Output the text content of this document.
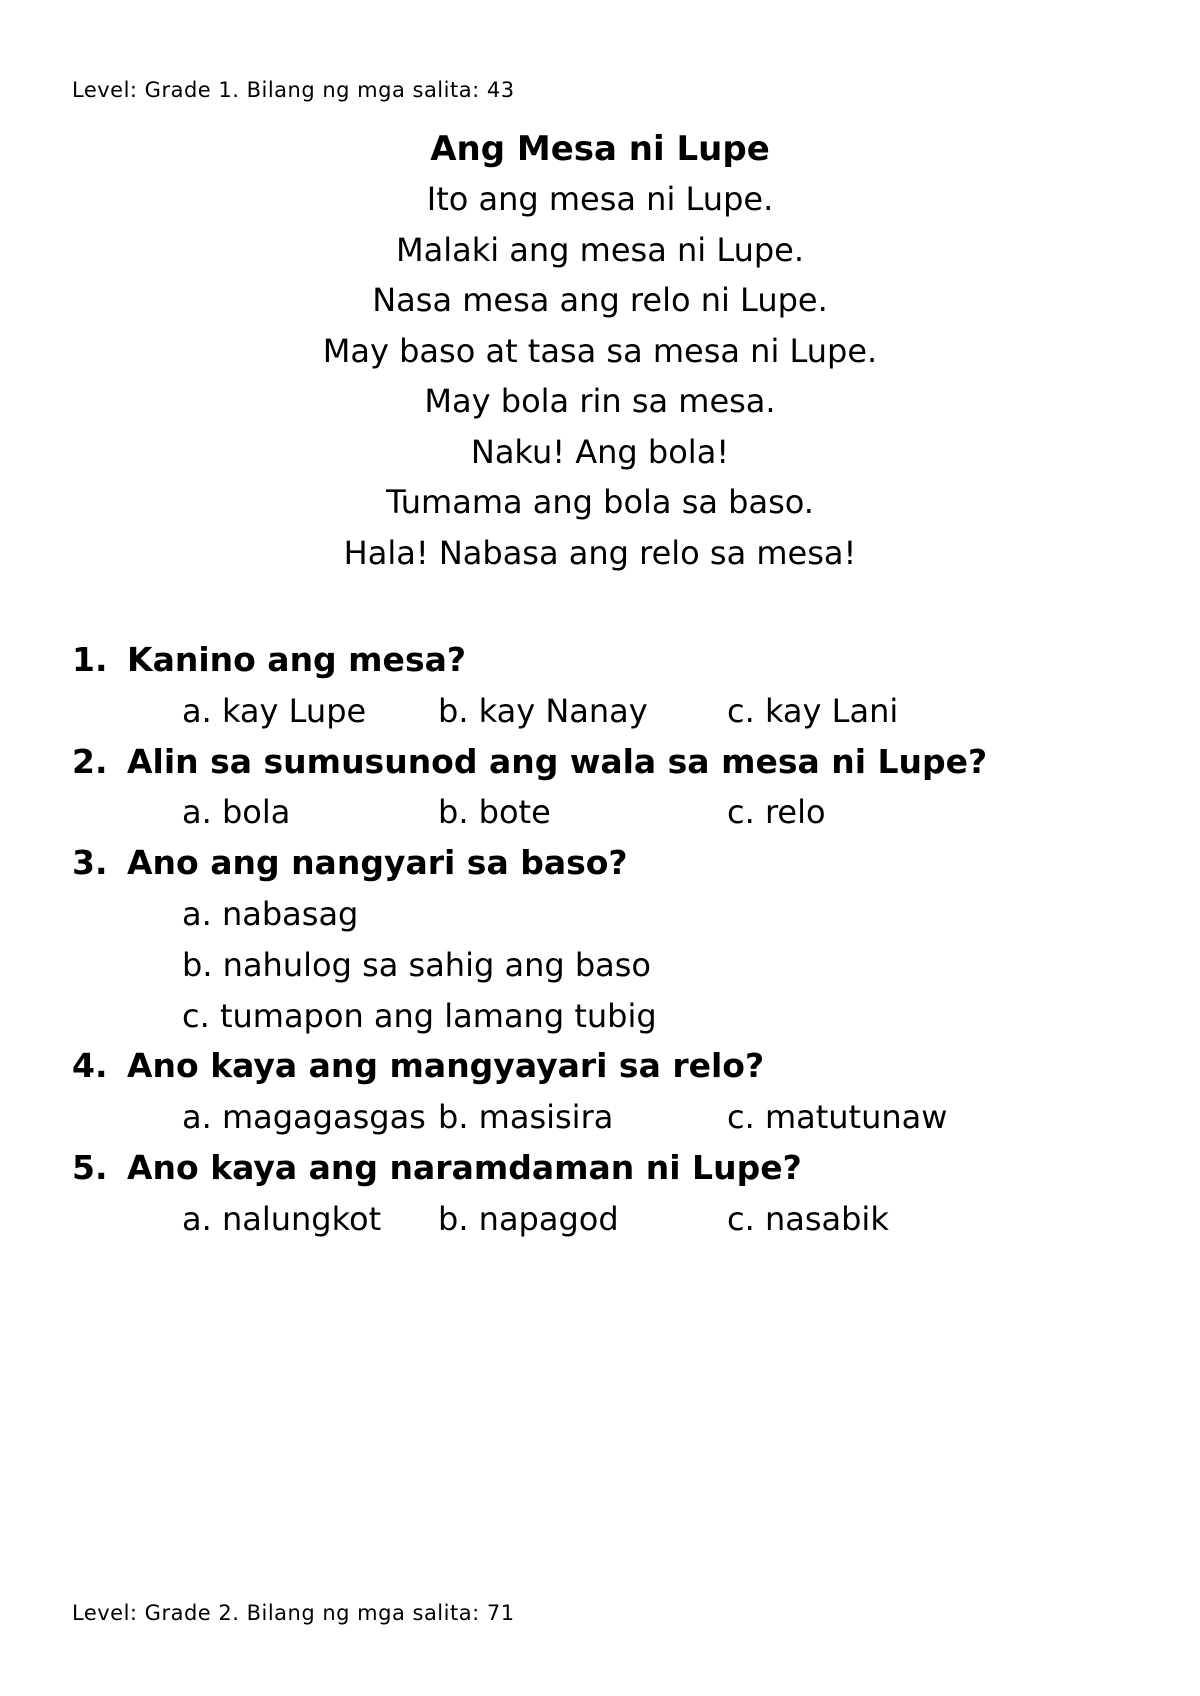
Level: Grade 1. Bilang ng mga salita: 43
Ang Mesa ni Lupe
Ito ang mesa ni Lupe.
Malaki ang mesa ni Lupe.
Nasa mesa ang relo ni Lupe.
May baso at tasa sa mesa ni Lupe.
May bola rin sa mesa.
Naku! Ang bola!
Tumama ang bola sa baso.
Hala! Nabasa ang relo sa mesa!
1. Kanino ang mesa?
a. kay Lupe b. kay Nanay c. kay Lani
2. Alin sa sumusunod ang wala sa mesa ni Lupe?
a. bola	b. bote	c. relo
3. Ano ang nangyari sa baso?
a. nabasag
b. nahulog sa sahig ang baso
c. tumapon ang lamang tubig
4. Ano kaya ang mangyayari sa relo?
a. magagasgas b. masisira	c. matutunaw
5. Ano kaya ang naramdaman ni Lupe?
a. nalungkot b. napagod	c. nasabik
Level: Grade 2. Bilang ng mga salita: 71
